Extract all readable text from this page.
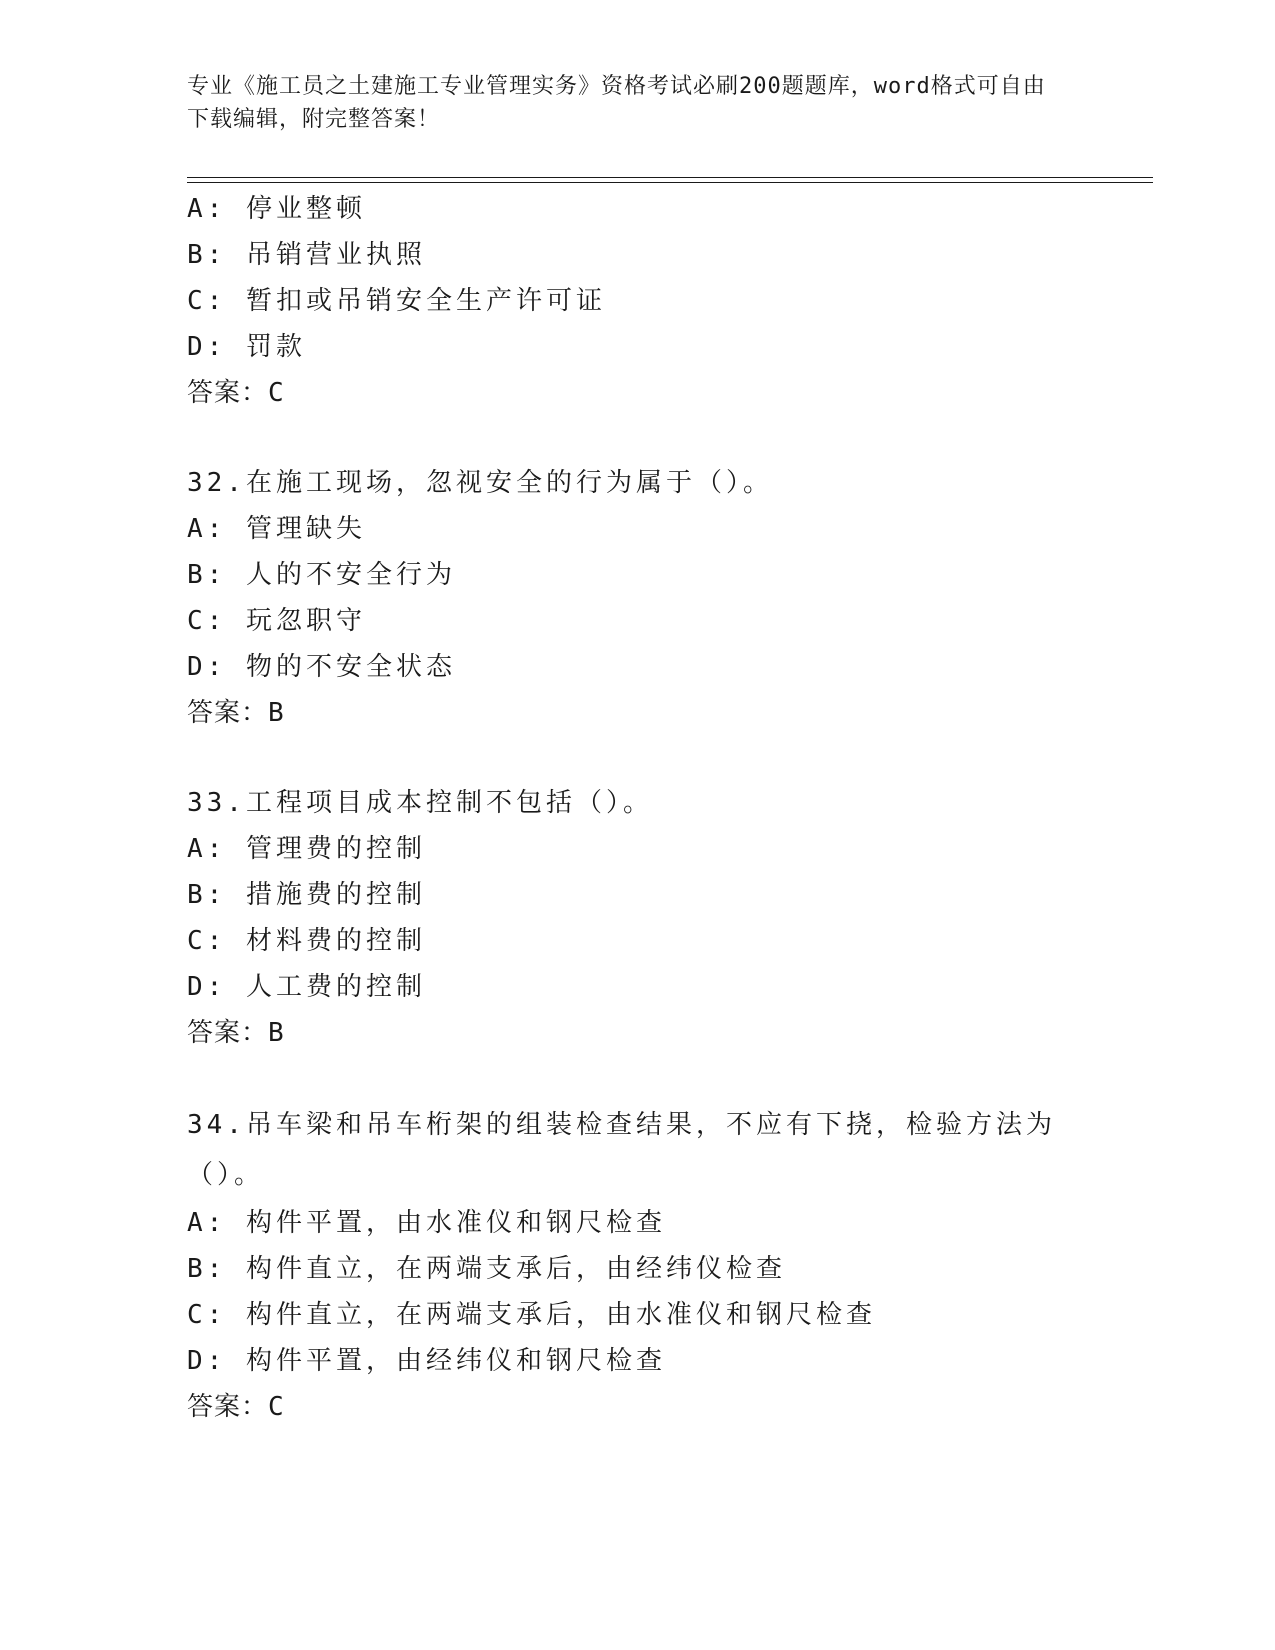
专业《施工员之土建施工专业管理实务》资格考试必刷200题题库，word格式可自由下载编辑，附完整答案！
A: 停业整顿
B: 吊销营业执照
C: 暂扣或吊销安全生产许可证
D: 罚款
答案：C
32.在施工现场，忽视安全的行为属于（）。
A: 管理缺失
B: 人的不安全行为
C: 玩忽职守
D: 物的不安全状态
答案：B
33.工程项目成本控制不包括（）。
A: 管理费的控制
B: 措施费的控制
C: 材料费的控制
D: 人工费的控制
答案：B
34.吊车梁和吊车桁架的组装检查结果，不应有下挠，检验方法为（）。
A: 构件平置，由水准仪和钢尺检查
B: 构件直立，在两端支承后，由经纬仪检查
C: 构件直立，在两端支承后，由水准仪和钢尺检查
D: 构件平置，由经纬仪和钢尺检查
答案：C
